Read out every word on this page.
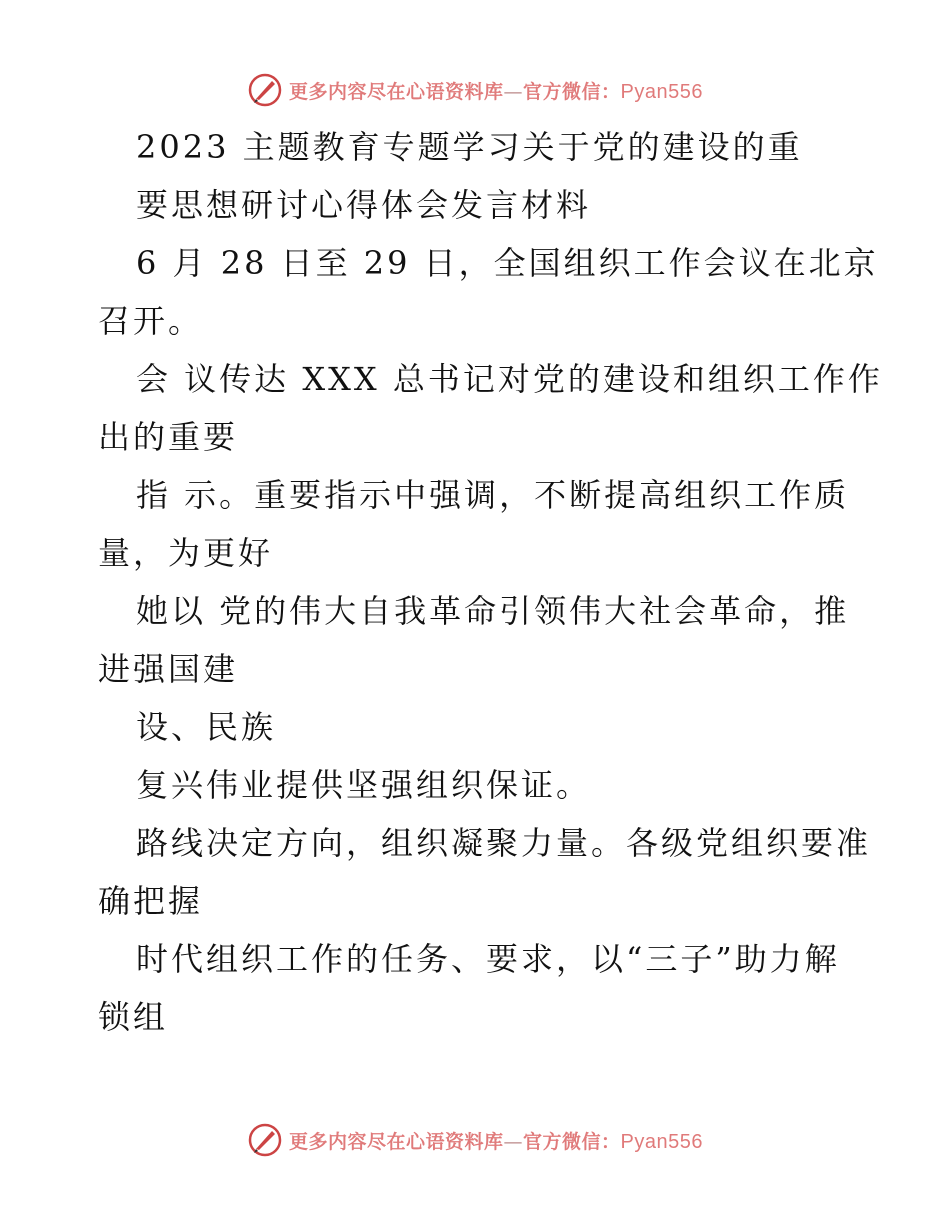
更多内容尽在心语资料库—官方微信：Pyan556
2023 主题教育专题学习关于党的建设的重
要思想研讨心得体会发言材料
6 月 28 日至 29 日，全国组织工作会议在北京
召开。
会 议传达 XXX 总书记对党的建设和组织工作作
出的重要
指 示。重要指示中强调，不断提高组织工作质
量，为更好
她以 党的伟大自我革命引领伟大社会革命，推
进强国建
设、民族
复兴伟业提供坚强组织保证。
路线决定方向，组织凝聚力量。各级党组织要准
确把握
时代组织工作的任务、要求，以“三子”助力解
锁组
更多内容尽在心语资料库—官方微信：Pyan556
